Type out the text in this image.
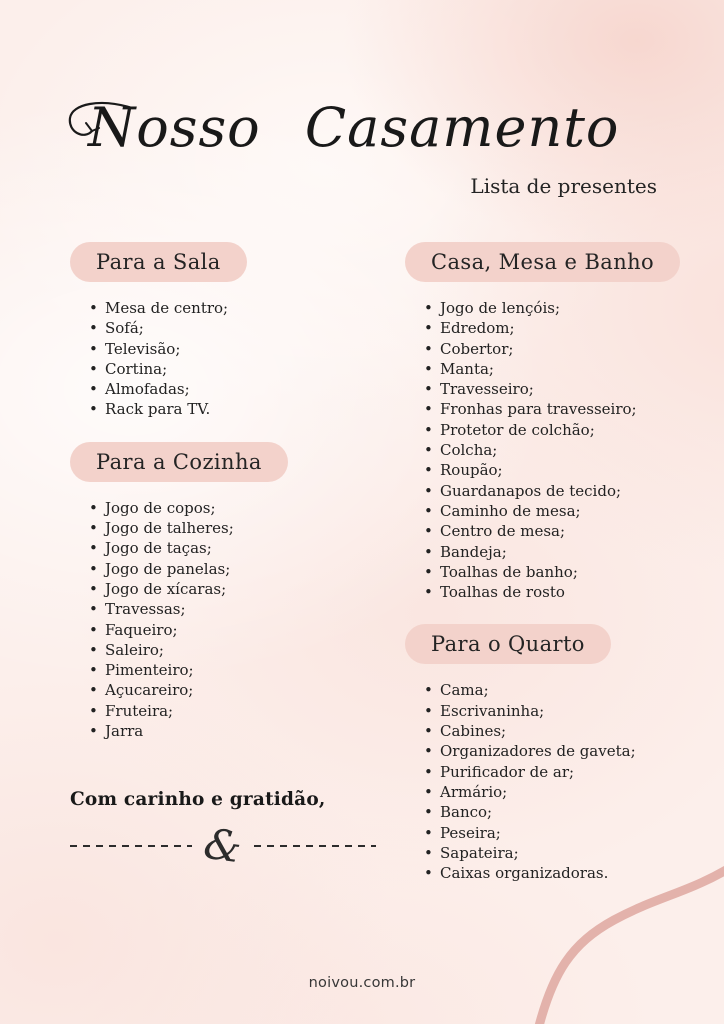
Nosso Casamento
Lista de presentes
Para a Sala
• Mesa de centro;
• Sofá;
• Televisão;
• Cortina;
• Almofadas;
• Rack para TV.
Para a Cozinha
• Jogo de copos;
• Jogo de talheres;
• Jogo de taças;
• Jogo de panelas;
• Jogo de xícaras;
• Travessas;
• Faqueiro;
• Saleiro;
• Pimenteiro;
• Açucareiro;
• Fruteira;
• Jarra
Com carinho e gratidão,
&
Casa, Mesa e Banho
• Jogo de lençóis;
• Edredom;
• Cobertor;
• Manta;
• Travesseiro;
• Fronhas para travesseiro;
• Protetor de colchão;
• Colcha;
• Roupão;
• Guardanapos de tecido;
• Caminho de mesa;
• Centro de mesa;
• Bandeja;
• Toalhas de banho;
• Toalhas de rosto
Para o Quarto
• Cama;
• Escrivaninha;
• Cabines;
• Organizadores de gaveta;
• Purificador de ar;
• Armário;
• Banco;
• Peseira;
• Sapateira;
• Caixas organizadoras.
noivou.com.br
